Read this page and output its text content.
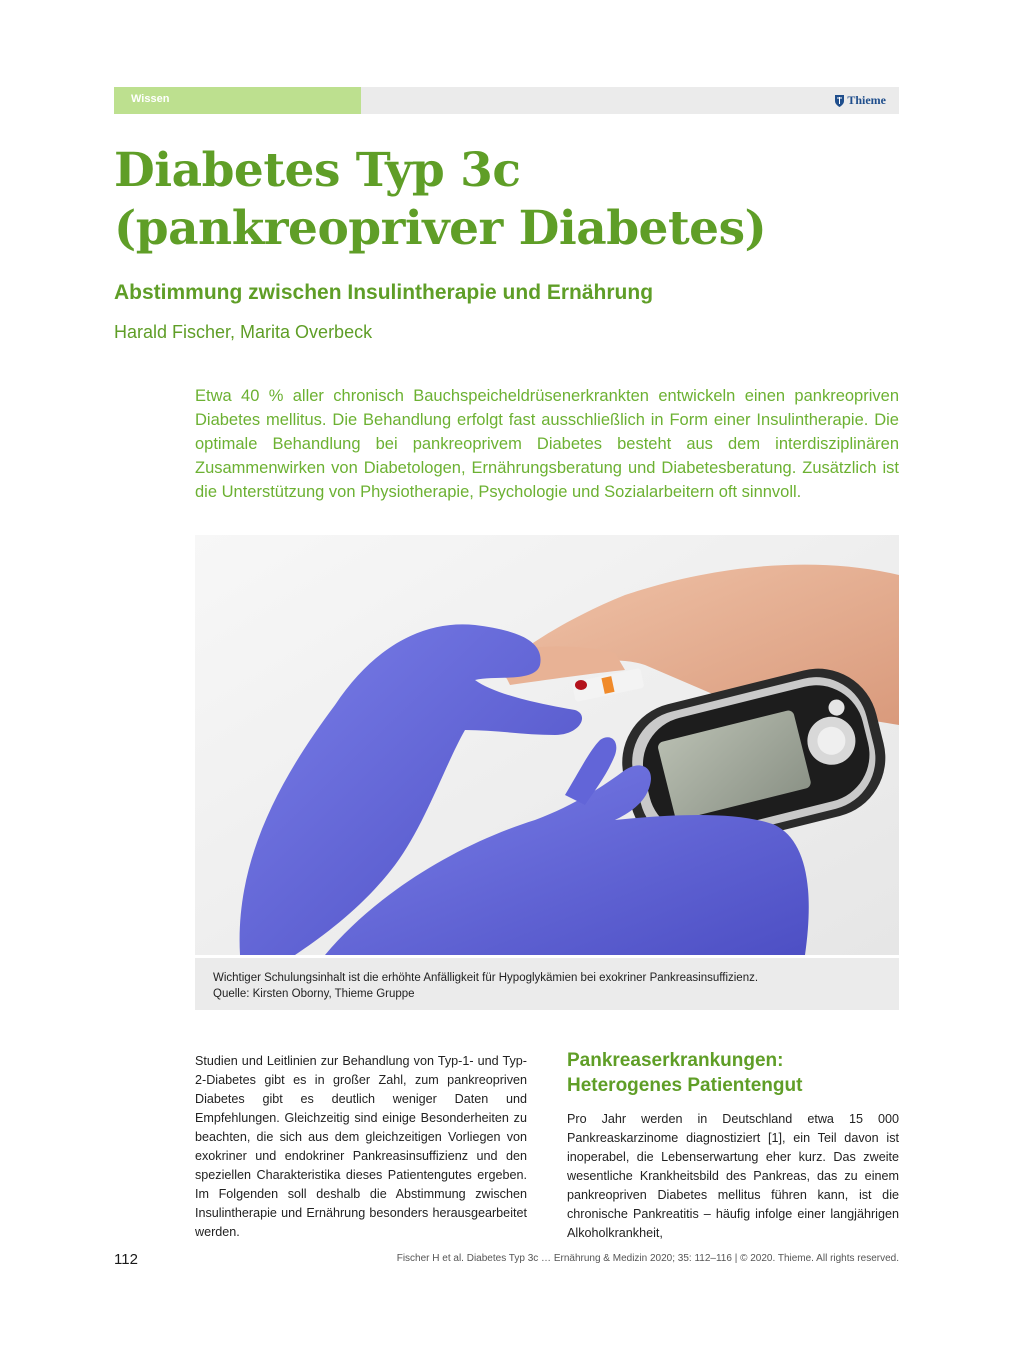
Wissen	Thieme
Diabetes Typ 3c
(pankreopriver Diabetes)
Abstimmung zwischen Insulintherapie und Ernährung
Harald Fischer, Marita Overbeck

Etwa 40 % aller chronisch Bauchspeicheldrüsenerkrankten entwickeln einen pankreopriven Diabetes mellitus. Die Behandlung erfolgt fast ausschließlich in Form einer Insulintherapie. Die optimale Behandlung bei pankreoprivem Diabetes besteht aus dem interdisziplinären Zusammenwirken von Diabetologen, Ernährungsberatung und Diabetesberatung. Zusätzlich ist die Unterstützung von Physiotherapie, Psychologie und Sozialarbeitern oft sinnvoll.

Wichtiger Schulungsinhalt ist die erhöhte Anfälligkeit für Hypoglykämien bei exokriner Pankreasinsuffizienz.
Quelle: Kirsten Oborny, Thieme Gruppe

Studien und Leitlinien zur Behandlung von Typ-1- und Typ-2-Diabetes gibt es in großer Zahl, zum pankreopriven Diabetes gibt es deutlich weniger Daten und Empfehlungen. Gleichzeitig sind einige Besonderheiten zu beachten, die sich aus dem gleichzeitigen Vorliegen von exokriner und endokriner Pankreasinsuffizienz und den speziellen Charakteristika dieses Patientengutes ergeben. Im Folgenden soll deshalb die Abstimmung zwischen Insulintherapie und Ernährung besonders herausgearbeitet werden.

Pankreaserkrankungen:
Heterogenes Patientengut

Pro Jahr werden in Deutschland etwa 15 000 Pankreaskarzinome diagnostiziert [1], ein Teil davon ist inoperabel, die Lebenserwartung eher kurz. Das zweite wesentliche Krankheitsbild des Pankreas, das zu einem pankreopriven Diabetes mellitus führen kann, ist die chronische Pankreatitis – häufig infolge einer langjährigen Alkoholkrankheit,

112	Fischer H et al. Diabetes Typ 3c … Ernährung & Medizin 2020; 35: 112–116 | © 2020. Thieme. All rights reserved.
